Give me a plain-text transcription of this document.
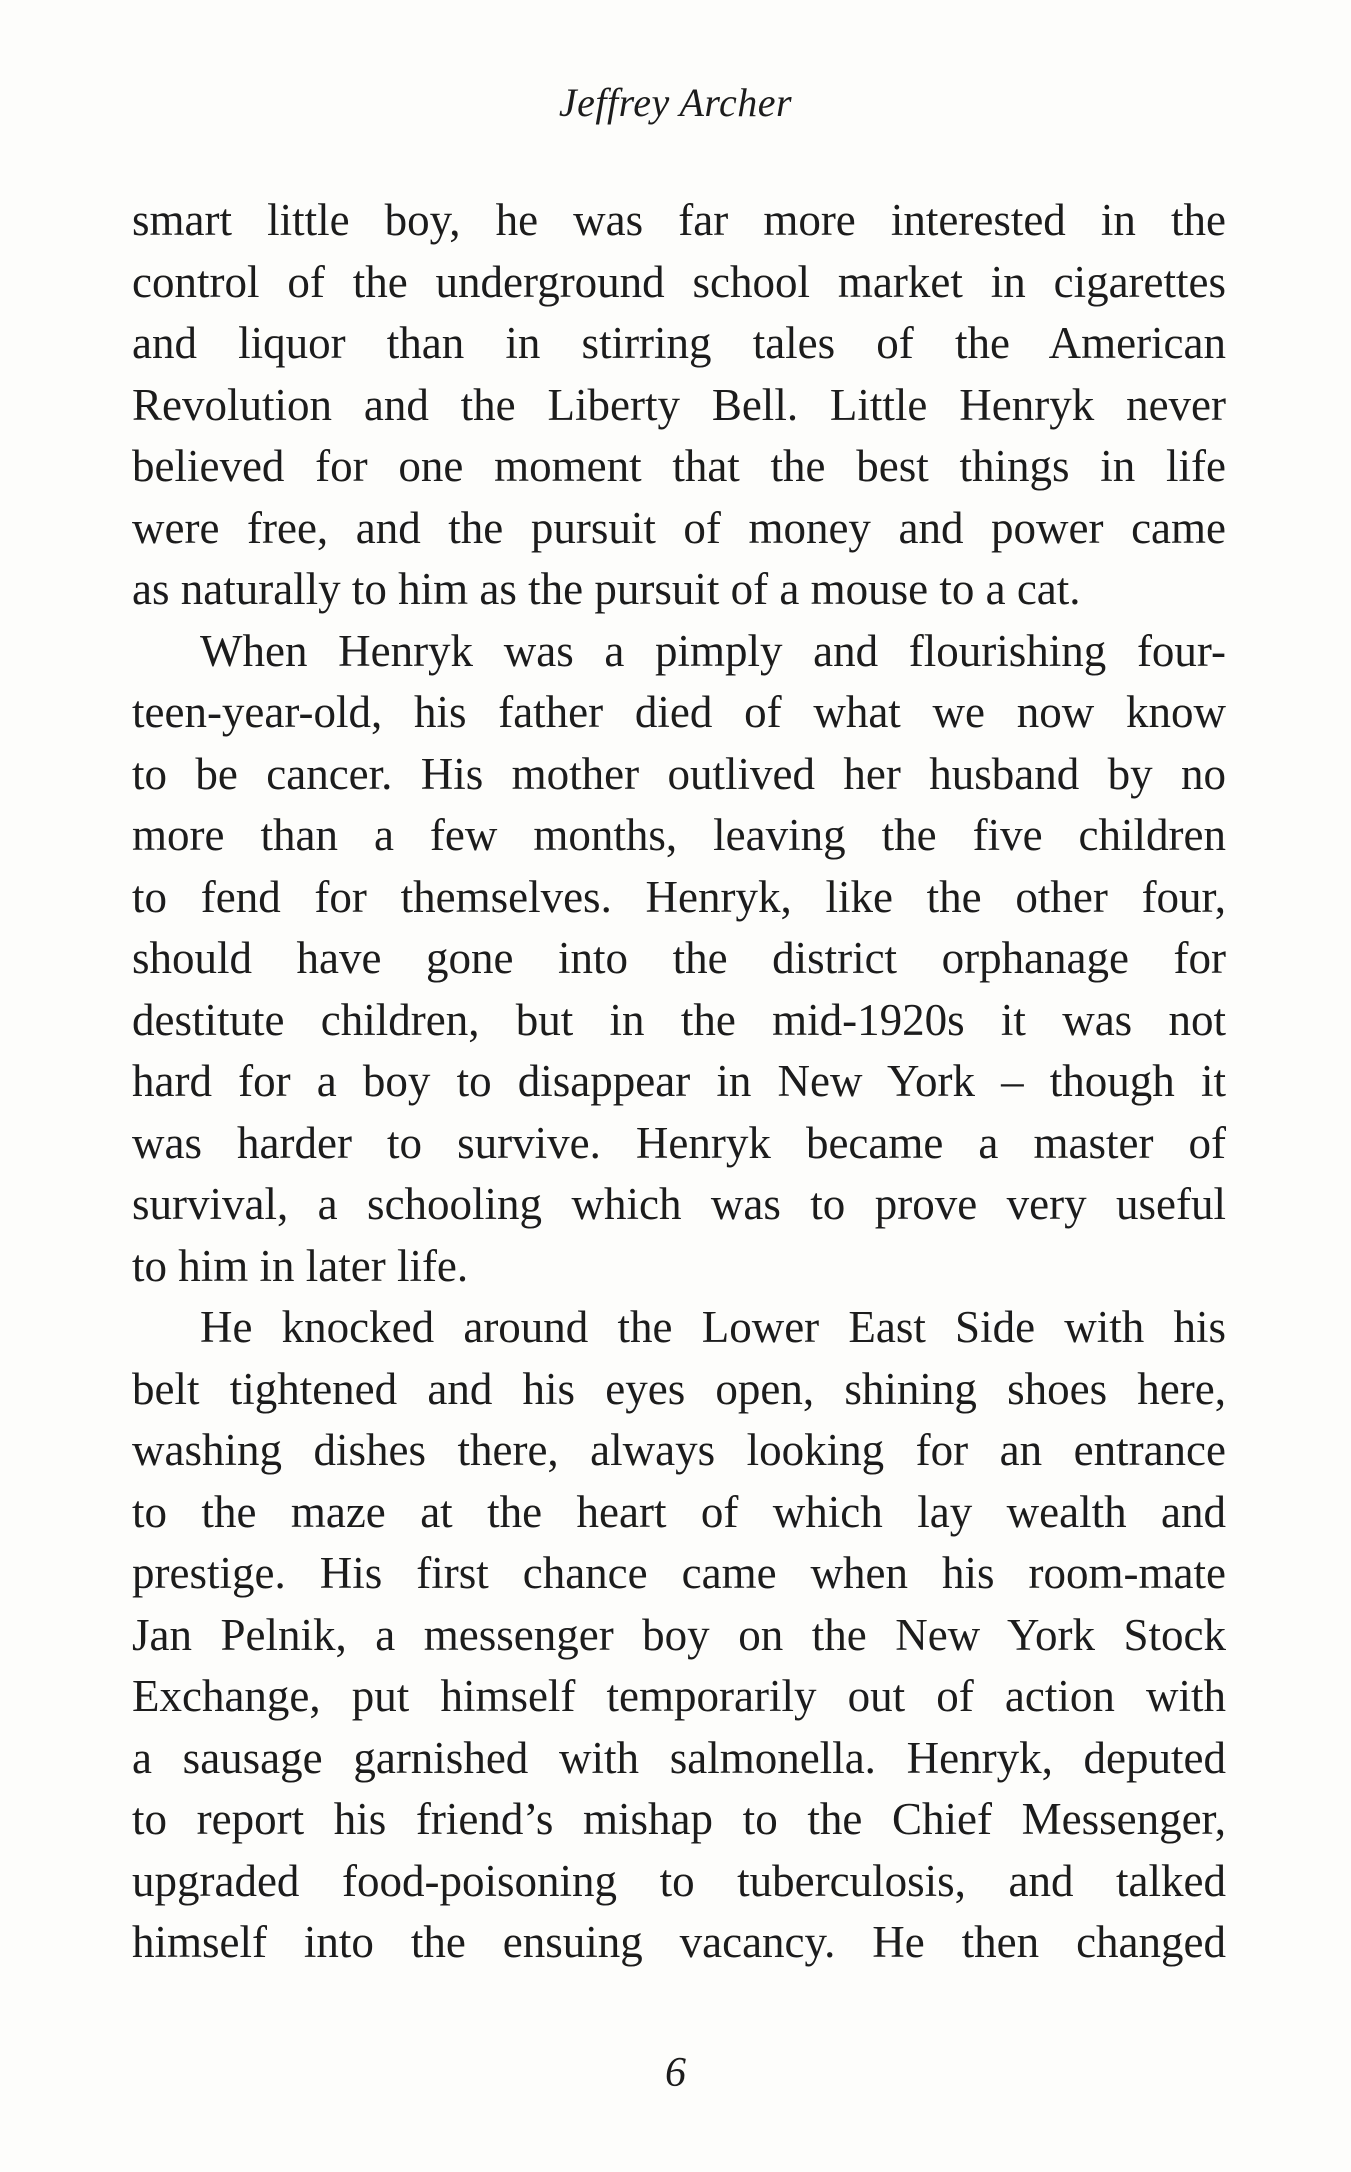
Jeffrey Archer
smart little boy, he was far more interested in the
control of the underground school market in cigarettes
and liquor than in stirring tales of the American
Revolution and the Liberty Bell. Little Henryk never
believed for one moment that the best things in life
were free, and the pursuit of money and power came
as naturally to him as the pursuit of a mouse to a cat.
When Henryk was a pimply and flourishing four-
teen-year-old, his father died of what we now know
to be cancer. His mother outlived her husband by no
more than a few months, leaving the five children
to fend for themselves. Henryk, like the other four,
should have gone into the district orphanage for
destitute children, but in the mid-1920s it was not
hard for a boy to disappear in New York – though it
was harder to survive. Henryk became a master of
survival, a schooling which was to prove very useful
to him in later life.
He knocked around the Lower East Side with his
belt tightened and his eyes open, shining shoes here,
washing dishes there, always looking for an entrance
to the maze at the heart of which lay wealth and
prestige. His first chance came when his room-mate
Jan Pelnik, a messenger boy on the New York Stock
Exchange, put himself temporarily out of action with
a sausage garnished with salmonella. Henryk, deputed
to report his friend’s mishap to the Chief Messenger,
upgraded food-poisoning to tuberculosis, and talked
himself into the ensuing vacancy. He then changed
6
